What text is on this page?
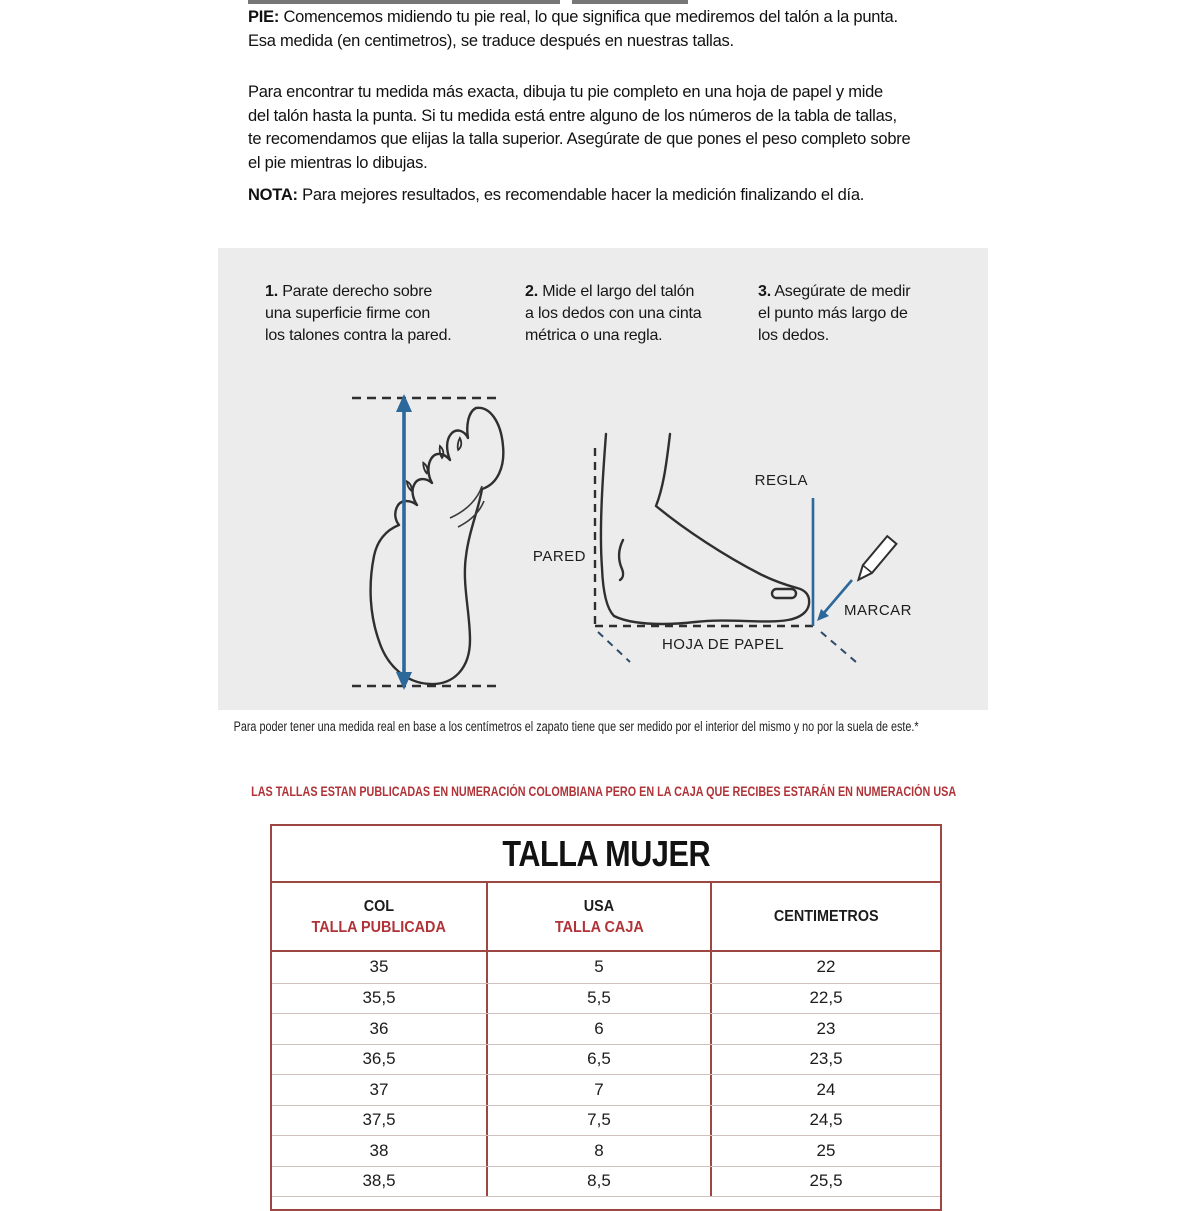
PIE: Comencemos midiendo tu pie real, lo que significa que mediremos del talón a la punta.
Esa medida (en centimetros), se traduce después en nuestras tallas.
Para encontrar tu medida más exacta, dibuja tu pie completo en una hoja de papel y mide
del talón hasta la punta. Si tu medida está entre alguno de los números de la tabla de tallas,
te recomendamos que elijas la talla superior. Asegúrate de que pones el peso completo sobre
el pie mientras lo dibujas.
NOTA: Para mejores resultados, es recomendable hacer la medición finalizando el día.
1. Parate derecho sobre
una superficie firme con
los talones contra la pared.
2. Mide el largo del talón
a los dedos con una cinta
métrica o una regla.
3. Asegúrate de medir
el punto más largo de
los dedos.
PARED
REGLA
MARCAR
HOJA DE PAPEL
Para poder tener una medida real en base a los centímetros el zapato tiene que ser medido por el interior del mismo y no por la suela de este.*
LAS TALLAS ESTAN PUBLICADAS EN NUMERACIÓN COLOMBIANA PERO EN LA CAJA QUE RECIBES ESTARÁN EN NUMERACIÓN USA
TALLA MUJER
COL
TALLA PUBLICADA
USA
TALLA CAJA
CENTIMETROS
35	5	22
35,5	5,5	22,5
36	6	23
36,5	6,5	23,5
37	7	24
37,5	7,5	24,5
38	8	25
38,5	8,5	25,5
